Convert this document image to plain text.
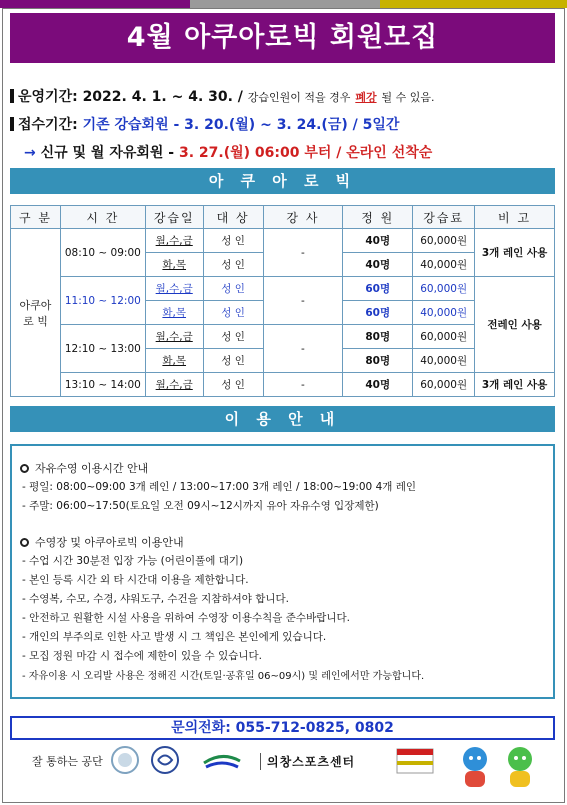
4월 아쿠아로빅 회원모집
운영기간: 2022. 4. 1. ~ 4. 30. / 강습인원이 적을 경우 폐강 될 수 있음.
접수기간: 기존 강습회원 - 3. 20.(월) ~ 3. 24.(금) / 5일간
→ 신규 및 월 자유회원 - 3. 27.(월) 06:00 부터 / 온라인 선착순
아 쿠 아 로 빅
구 분	시 간	강습일	대 상	강 사	정 원	강습료	비 고
아쿠아로 빅	08:10 ~ 09:00	월,수,금	성 인	-	40명	60,000원	3개 레인 사용
		화,목	성 인		40명	40,000원	
	11:10 ~ 12:00	월,수,금	성 인	-	60명	60,000원	전레인 사용
		화,목	성 인		60명	40,000원	
	12:10 ~ 13:00	월,수,금	성 인	-	80명	60,000원	
		화,목	성 인		80명	40,000원	
	13:10 ~ 14:00	월,수,금	성 인	-	40명	60,000원	3개 레인 사용
이 용 안 내
자유수영 이용시간 안내
- 평일: 08:00~09:00 3개 레인 / 13:00~17:00 3개 레인 / 18:00~19:00 4개 레인
- 주말: 06:00~17:50(토요일 오전 09시~12시까지 유아 자유수영 입장제한)
수영장 및 아쿠아로빅 이용안내
- 수업 시간 30분전 입장 가능 (어린이풀에 대기)
- 본인 등록 시간 외 타 시간대 이용을 제한합니다.
- 수영복, 수모, 수경, 샤워도구, 수건을 지참하셔야 합니다.
- 안전하고 원활한 시설 사용을 위하여 수영장 이용수칙을 준수바랍니다.
- 개인의 부주의로 인한 사고 발생 시 그 책임은 본인에게 있습니다.
- 모집 정원 마감 시 접수에 제한이 있을 수 있습니다.
- 자유이용 시 오리발 사용은 정해진 시간(토일·공휴일 06~09시) 및 레인에서만 가능합니다.
문의전화: 055-712-0825, 0802
잘 통하는 공단	의창스포츠센터
